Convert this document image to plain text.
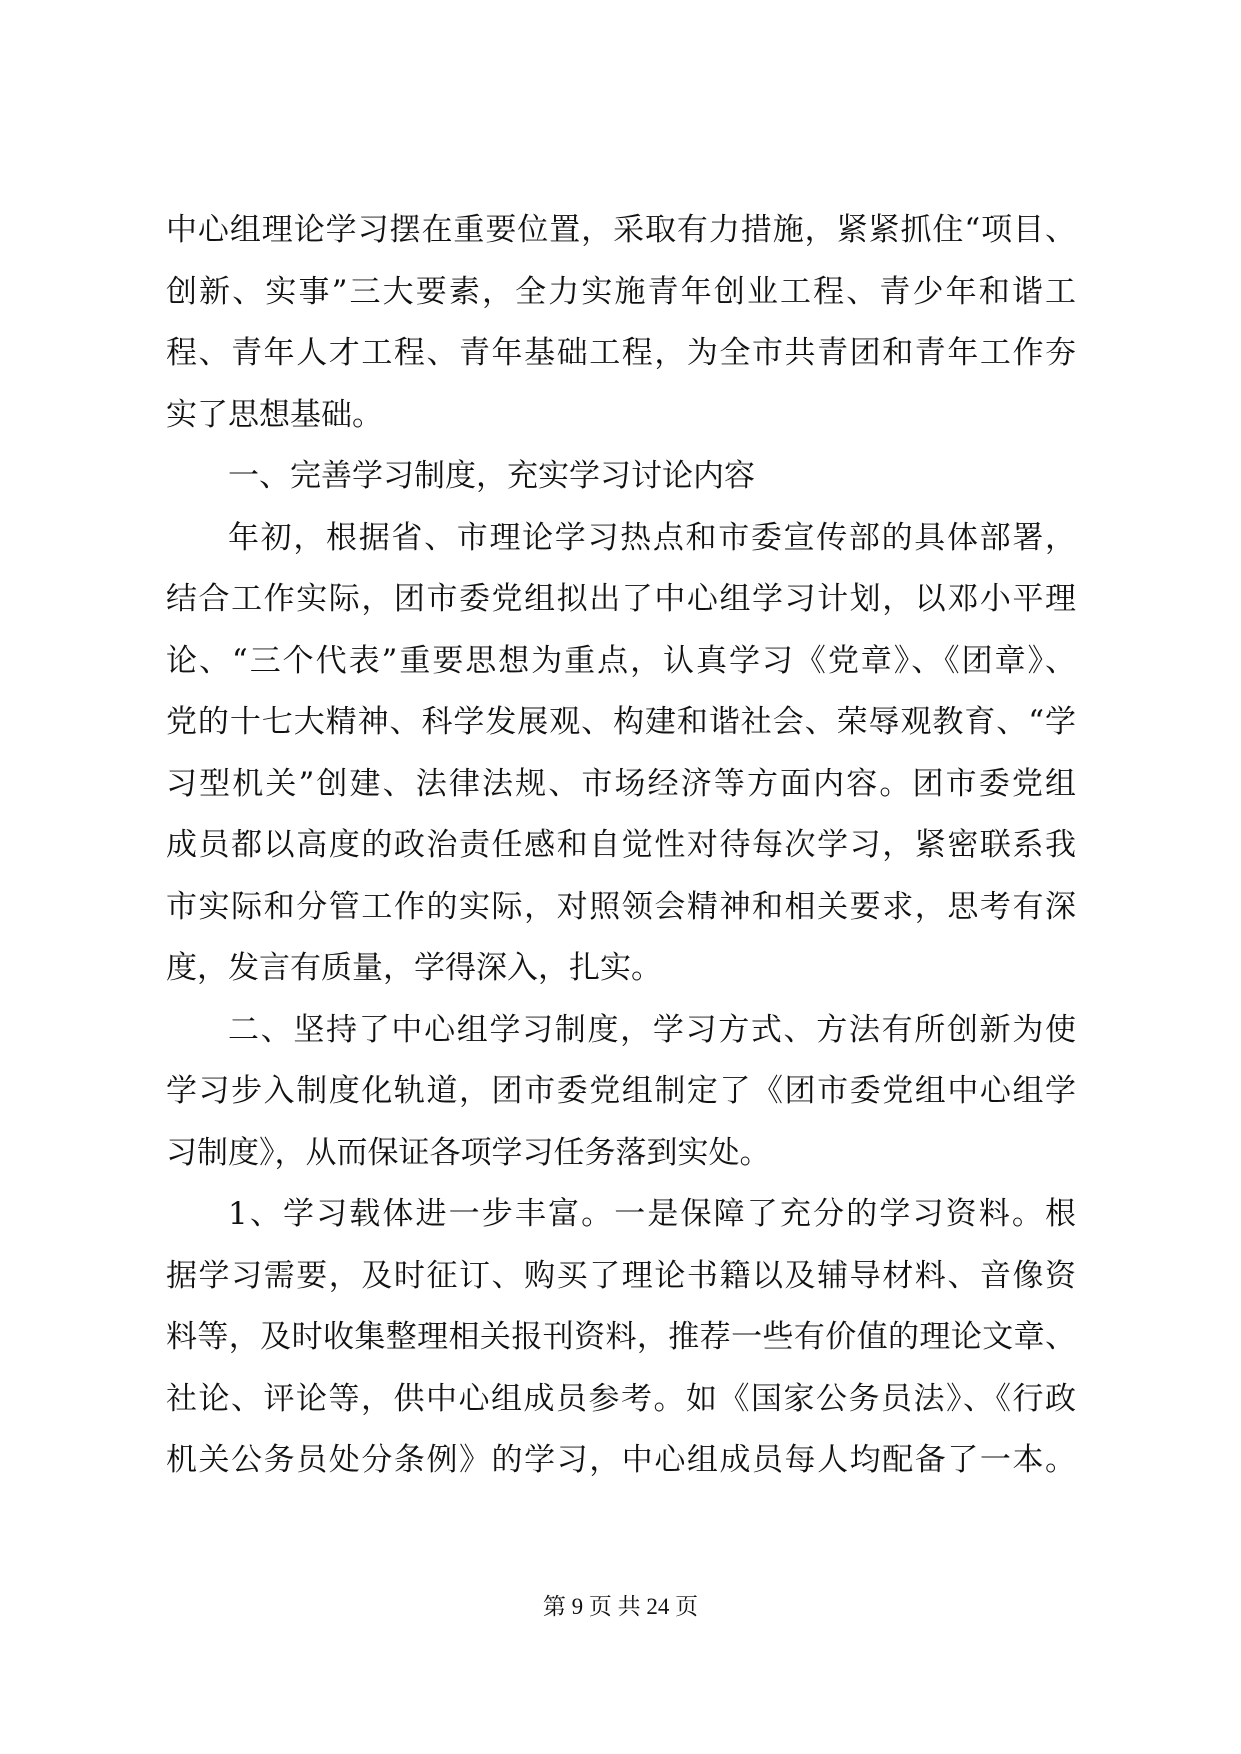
中心组理论学习摆在重要位置，采取有力措施，紧紧抓住“项目、
创新、实事”三大要素，全力实施青年创业工程、青少年和谐工
程、青年人才工程、青年基础工程，为全市共青团和青年工作夯
实了思想基础。
一、完善学习制度，充实学习讨论内容
年初，根据省、市理论学习热点和市委宣传部的具体部署，
结合工作实际，团市委党组拟出了中心组学习计划，以邓小平理
论、“三个代表”重要思想为重点，认真学习《党章》、《团章》、
党的十七大精神、科学发展观、构建和谐社会、荣辱观教育、“学
习型机关”创建、法律法规、市场经济等方面内容。团市委党组
成员都以高度的政治责任感和自觉性对待每次学习，紧密联系我
市实际和分管工作的实际，对照领会精神和相关要求，思考有深
度，发言有质量，学得深入，扎实。
二、坚持了中心组学习制度，学习方式、方法有所创新为使
学习步入制度化轨道，团市委党组制定了《团市委党组中心组学
习制度》，从而保证各项学习任务落到实处。
1、学习载体进一步丰富。一是保障了充分的学习资料。根
据学习需要，及时征订、购买了理论书籍以及辅导材料、音像资
料等，及时收集整理相关报刊资料，推荐一些有价值的理论文章、
社论、评论等，供中心组成员参考。如《国家公务员法》、《行政
机关公务员处分条例》的学习，中心组成员每人均配备了一本。
第 9 页 共 24 页
